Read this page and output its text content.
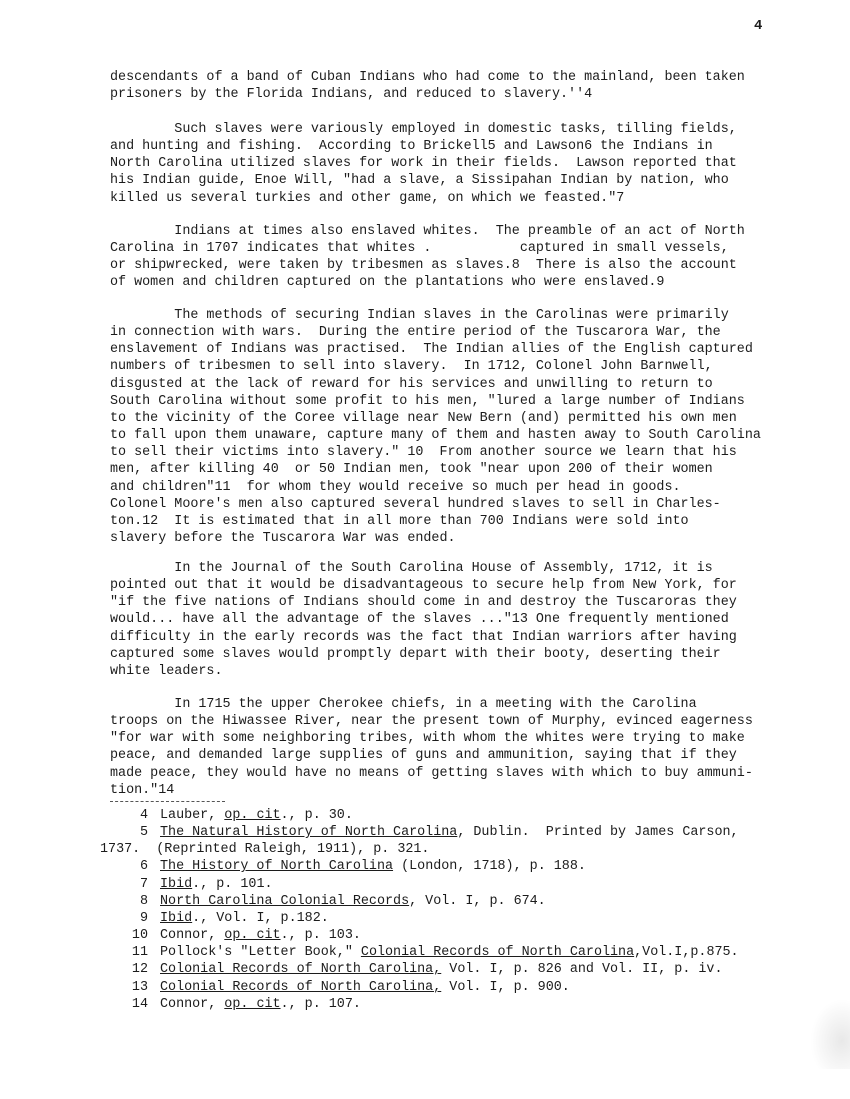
4
descendants of a band of Cuban Indians who had come to the mainland, been taken
prisoners by the Florida Indians, and reduced to slavery.''4
Such slaves were variously employed in domestic tasks, tilling fields,
and hunting and fishing.  According to Brickell5 and Lawson6 the Indians in
North Carolina utilized slaves for work in their fields.  Lawson reported that
his Indian guide, Enoe Will, "had a slave, a Sissipahan Indian by nation, who
killed us several turkies and other game, on which we feasted."7
Indians at times also enslaved whites.  The preamble of an act of North
Carolina in 1707 indicates that whites .           captured in small vessels,
or shipwrecked, were taken by tribesmen as slaves.8  There is also the account
of women and children captured on the plantations who were enslaved.9
The methods of securing Indian slaves in the Carolinas were primarily
in connection with wars.  During the entire period of the Tuscarora War, the
enslavement of Indians was practised.  The Indian allies of the English captured
numbers of tribesmen to sell into slavery.  In 1712, Colonel John Barnwell,
disgusted at the lack of reward for his services and unwilling to return to
South Carolina without some profit to his men, "lured a large number of Indians
to the vicinity of the Coree village near New Bern (and) permitted his own men
to fall upon them unaware, capture many of them and hasten away to South Carolina
to sell their victims into slavery." 10  From another source we learn that his
men, after killing 40  or 50 Indian men, took "near upon 200 of their women
and children"11  for whom they would receive so much per head in goods.
Colonel Moore's men also captured several hundred slaves to sell in Charles-
ton.12  It is estimated that in all more than 700 Indians were sold into
slavery before the Tuscarora War was ended.
In the Journal of the South Carolina House of Assembly, 1712, it is
pointed out that it would be disadvantageous to secure help from New York, for
"if the five nations of Indians should come in and destroy the Tuscaroras they
would... have all the advantage of the slaves ..."13 One frequently mentioned
difficulty in the early records was the fact that Indian warriors after having
captured some slaves would promptly depart with their booty, deserting their
white leaders.
In 1715 the upper Cherokee chiefs, in a meeting with the Carolina
troops on the Hiwassee River, near the present town of Murphy, evinced eagerness
"for war with some neighboring tribes, with whom the whites were trying to make
peace, and demanded large supplies of guns and ammunition, saying that if they
made peace, they would have no means of getting slaves with which to buy ammuni-
tion."14
4 Lauber, op. cit., p. 30.
5 The Natural History of North Carolina, Dublin.  Printed by James Carson,
1737.  (Reprinted Raleigh, 1911), p. 321.
6 The History of North Carolina (London, 1718), p. 188.
7 Ibid., p. 101.
8 North Carolina Colonial Records, Vol. I, p. 674.
9 Ibid., Vol. I, p.182.
10 Connor, op. cit., p. 103.
11 Pollock's "Letter Book," Colonial Records of North Carolina,Vol.I,p.875.
12 Colonial Records of North Carolina, Vol. I, p. 826 and Vol. II, p. iv.
13 Colonial Records of North Carolina, Vol. I, p. 900.
14 Connor, op. cit., p. 107.
